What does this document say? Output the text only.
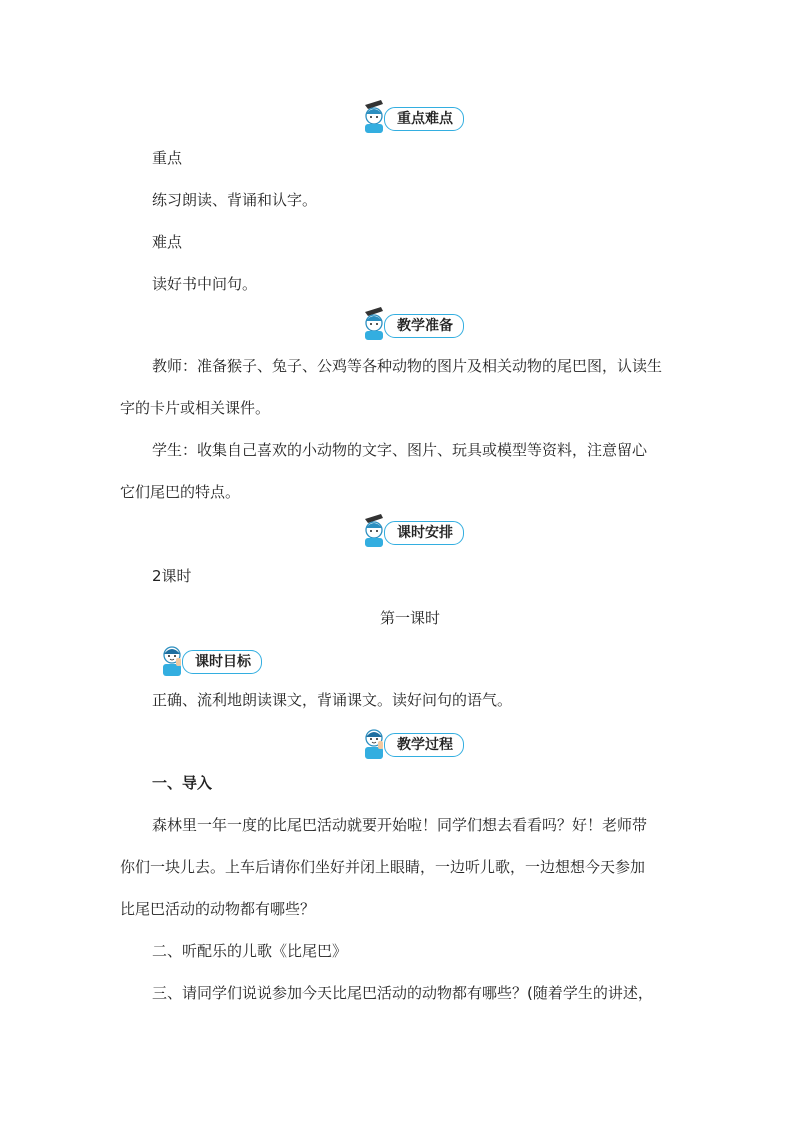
重点难点
重点
练习朗读、背诵和认字。
难点
读好书中问句。
教学准备
教师：准备猴子、兔子、公鸡等各种动物的图片及相关动物的尾巴图，认读生
字的卡片或相关课件。
学生：收集自己喜欢的小动物的文字、图片、玩具或模型等资料，注意留心
它们尾巴的特点。
课时安排
2课时
第一课时
课时目标
正确、流利地朗读课文，背诵课文。读好问句的语气。
教学过程
一、导入
森林里一年一度的比尾巴活动就要开始啦！同学们想去看看吗？好！老师带
你们一块儿去。上车后请你们坐好并闭上眼睛，一边听儿歌，一边想想今天参加
比尾巴活动的动物都有哪些？
二、听配乐的儿歌《比尾巴》
三、请同学们说说参加今天比尾巴活动的动物都有哪些？(随着学生的讲述，
